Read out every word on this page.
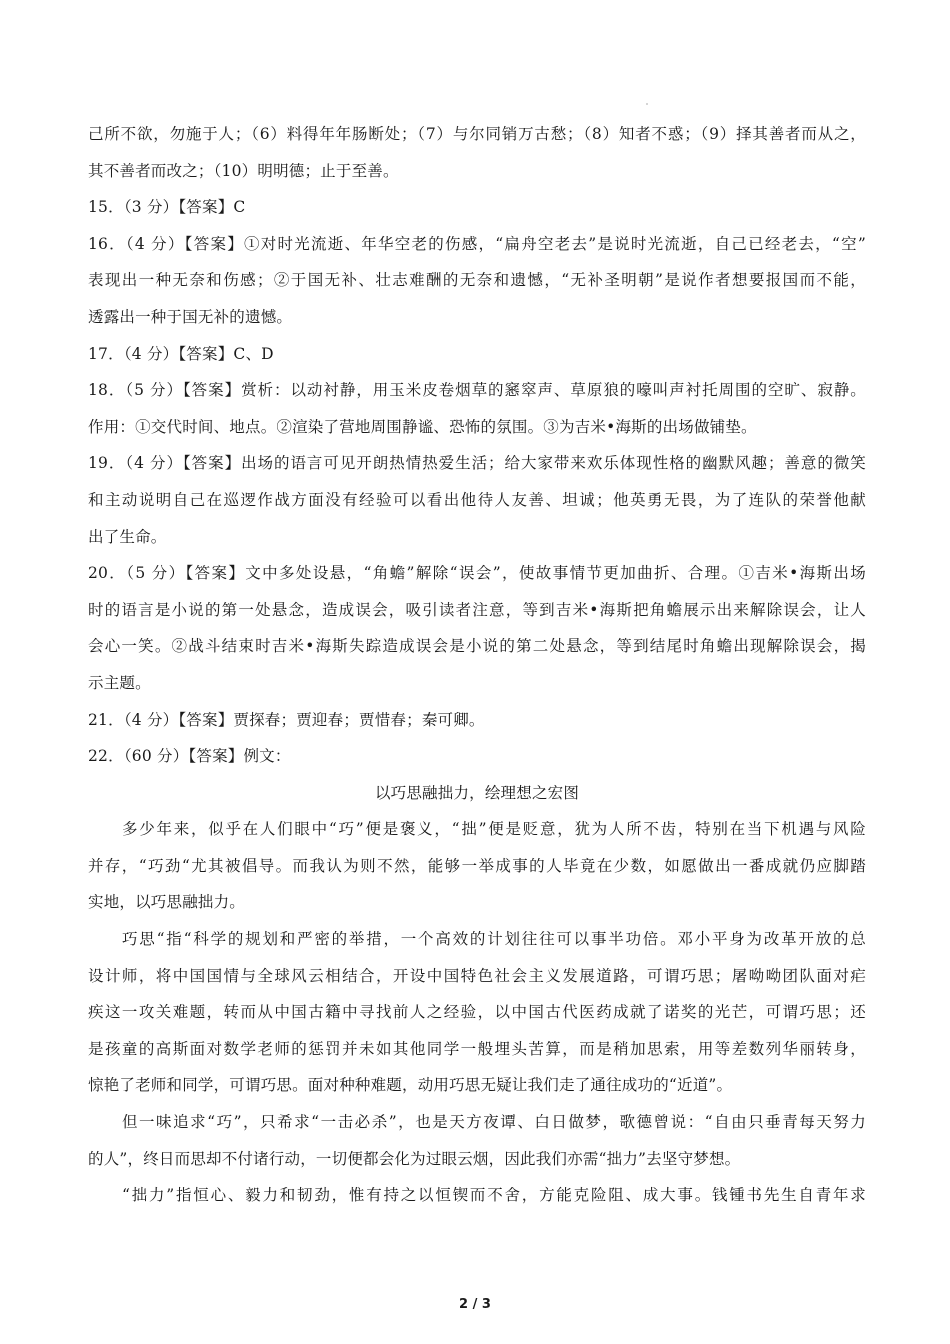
己所不欲，勿施于人；（6）料得年年肠断处；（7）与尔同销万古愁；（8）知者不惑；（9）择其善者而从之，
其不善者而改之；（10）明明德；止于至善。
15．（3 分）【答案】C
16．（4 分）【答案】①对时光流逝、年华空老的伤感，“扁舟空老去”是说时光流逝，自己已经老去，“空”
表现出一种无奈和伤感；②于国无补、壮志难酬的无奈和遗憾，“无补圣明朝”是说作者想要报国而不能，
透露出一种于国无补的遗憾。
17．（4 分）【答案】C、D
18．（5 分）【答案】赏析：以动衬静，用玉米皮卷烟草的窸窣声、草原狼的嚎叫声衬托周围的空旷、寂静。
作用：①交代时间、地点。②渲染了营地周围静谧、恐怖的氛围。③为吉米•海斯的出场做铺垫。
19．（4 分）【答案】出场的语言可见开朗热情热爱生活；给大家带来欢乐体现性格的幽默风趣；善意的微笑
和主动说明自己在巡逻作战方面没有经验可以看出他待人友善、坦诚；他英勇无畏，为了连队的荣誉他献
出了生命。
20．（5 分）【答案】文中多处设悬，“角蟾”解除“误会”，使故事情节更加曲折、合理。①吉米•海斯出场
时的语言是小说的第一处悬念，造成误会，吸引读者注意，等到吉米•海斯把角蟾展示出来解除误会，让人
会心一笑。②战斗结束时吉米•海斯失踪造成误会是小说的第二处悬念，等到结尾时角蟾出现解除误会，揭
示主题。
21．（4 分）【答案】贾探春；贾迎春；贾惜春；秦可卿。
22．（60 分）【答案】例文：
以巧思融拙力，绘理想之宏图
多少年来，似乎在人们眼中“巧”便是褒义，“拙”便是贬意，犹为人所不齿，特别在当下机遇与风险
并存，“巧劲“尤其被倡导。而我认为则不然，能够一举成事的人毕竟在少数，如愿做出一番成就仍应脚踏
实地，以巧思融拙力。
巧思“指“科学的规划和严密的举措，一个高效的计划往往可以事半功倍。邓小平身为改革开放的总
设计师，将中国国情与全球风云相结合，开设中国特色社会主义发展道路，可谓巧思；屠呦呦团队面对疟
疾这一攻关难题，转而从中国古籍中寻找前人之经验，以中国古代医药成就了诺奖的光芒，可谓巧思；还
是孩童的高斯面对数学老师的惩罚并未如其他同学一般埋头苦算，而是稍加思索，用等差数列华丽转身，
惊艳了老师和同学，可谓巧思。面对种种难题，动用巧思无疑让我们走了通往成功的“近道”。
但一味追求“巧”，只希求“一击必杀”，也是天方夜谭、白日做梦，歌德曾说：“自由只垂青每天努力
的人”，终日而思却不付诸行动，一切便都会化为过眼云烟，因此我们亦需“拙力”去坚守梦想。
“拙力”指恒心、毅力和韧劲，惟有持之以恒锲而不舍，方能克险阻、成大事。钱锺书先生自青年求
2 / 3
